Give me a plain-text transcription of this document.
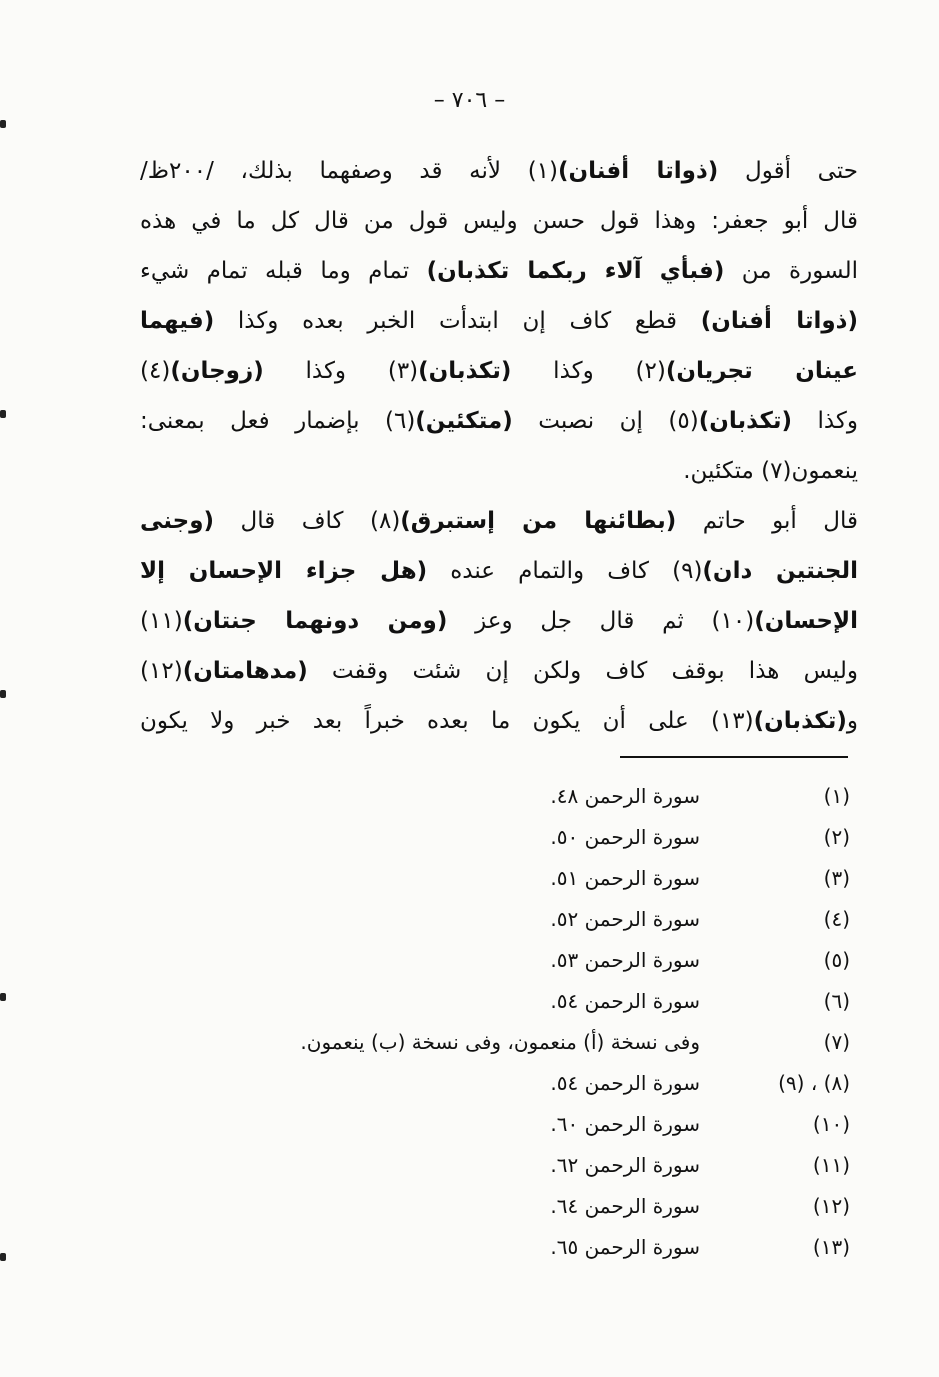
– ٧٠٦ –
حتى أقول (ذواتا أفنان)(١) لأنه قد وصفهما بذلك، /٢٠٠ظ/
قال أبو جعفر: وهذا قول حسن وليس قول من قال كل ما في هذه
السورة من (فبأي آلاء ربكما تكذبان) تمام وما قبله تمام شيء
(ذواتا أفنان) قطع كاف إن ابتدأت الخبر بعده وكذا (فيهما
عينان تجريان)(٢) وكذا (تكذبان)(٣) وكذا (زوجان)(٤)
وكذا (تكذبان)(٥) إن نصبت (متكئين)(٦) بإضمار فعل بمعنى:
ينعمون(٧) متكئين.
قال أبو حاتم (بطائنها من إستبرق)(٨) كاف قال (وجنى
الجنتين دان)(٩) كاف والتمام عنده (هل جزاء الإحسان إلا
الإحسان)(١٠) ثم قال جل وعز (ومن دونهما جنتان)(١١)
وليس هذا بوقف كاف ولكن إن شئت وقفت (مدهامتان)(١٢)
و(تكذبان)(١٣) على أن يكون ما بعده خبراً بعد خبر ولا يكون
(١)
سورة الرحمن ٤٨.
(٢)
سورة الرحمن ٥٠.
(٣)
سورة الرحمن ٥١.
(٤)
سورة الرحمن ٥٢.
(٥)
سورة الرحمن ٥٣.
(٦)
سورة الرحمن ٥٤.
(٧)
وفى نسخة (أ) منعمون، وفى نسخة (ب) ينعمون.
(٨) ، (٩)
سورة الرحمن ٥٤.
(١٠)
سورة الرحمن ٦٠.
(١١)
سورة الرحمن ٦٢.
(١٢)
سورة الرحمن ٦٤.
(١٣)
سورة الرحمن ٦٥.
